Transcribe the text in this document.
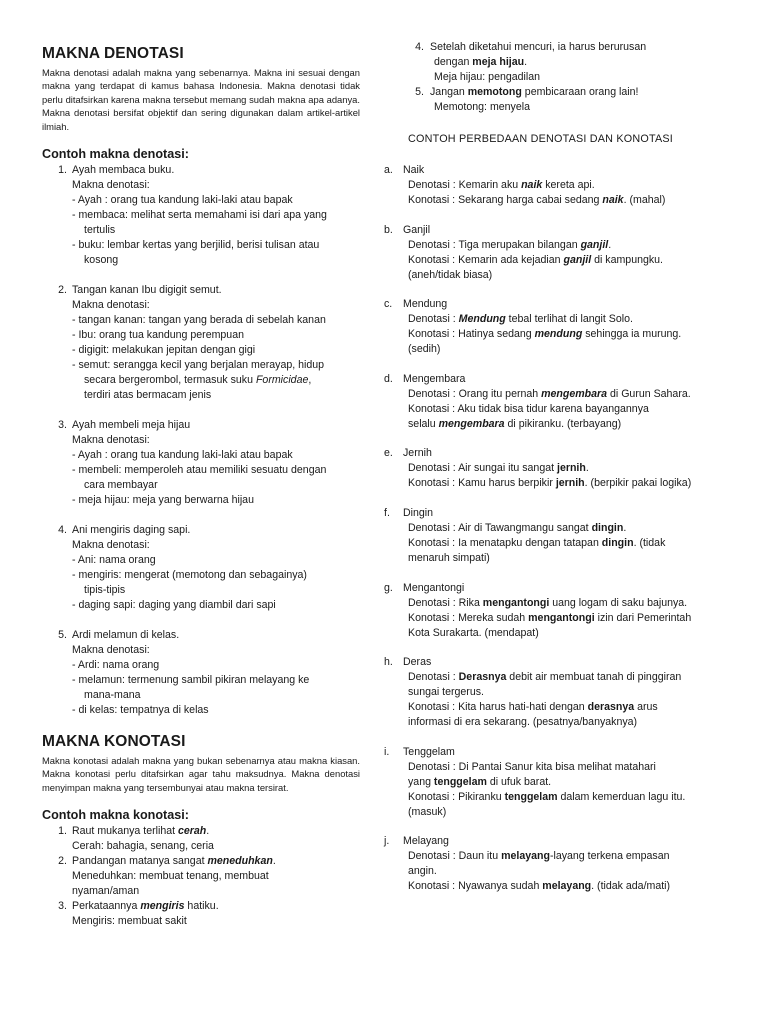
MAKNA DENOTASI

Makna denotasi adalah makna yang sebenarnya. Makna ini sesuai dengan makna yang terdapat di kamus bahasa Indonesia. Makna denotasi tidak perlu ditafsirkan karena makna tersebut memang sudah makna apa adanya. Makna denotasi bersifat objektif dan sering digunakan dalam artikel-artikel ilmiah.

Contoh makna denotasi:
1. Ayah membaca buku.
Makna denotasi:
- Ayah : orang tua kandung laki-laki atau bapak
- membaca: melihat serta memahami isi dari apa yang
tertulis
- buku: lembar kertas yang berjilid, berisi tulisan atau
kosong
2. Tangan kanan Ibu digigit semut.
Makna denotasi:
- tangan kanan: tangan yang berada di sebelah kanan
- Ibu: orang tua kandung perempuan
- digigit: melakukan jepitan dengan gigi
- semut: serangga kecil yang berjalan merayap, hidup
secara bergerombol, termasuk suku Formicidae,
terdiri atas bermacam jenis
3. Ayah membeli meja hijau
Makna denotasi:
- Ayah : orang tua kandung laki-laki atau bapak
- membeli: memperoleh atau memiliki sesuatu dengan
cara membayar
- meja hijau: meja yang berwarna hijau
4. Ani mengiris daging sapi.
Makna denotasi:
- Ani: nama orang
- mengiris: mengerat (memotong dan sebagainya)
tipis-tipis
- daging sapi: daging yang diambil dari sapi
5. Ardi melamun di kelas.
Makna denotasi:
- Ardi: nama orang
- melamun: termenung sambil pikiran melayang ke
mana-mana
- di kelas: tempatnya di kelas
MAKNA KONOTASI

Makna konotasi adalah makna yang bukan sebenarnya atau makna kiasan. Makna konotasi perlu ditafsirkan agar tahu maksudnya. Makna denotasi menyimpan makna yang tersembunyai atau makna tersirat.

Contoh makna konotasi:
1. Raut mukanya terlihat cerah.
Cerah: bahagia, senang, ceria
2. Pandangan matanya sangat meneduhkan.
Meneduhkan: membuat tenang, membuat
nyaman/aman
3. Perkataannya mengiris hatiku.
Mengiris: membuat sakit
4. Setelah diketahui mencuri, ia harus berurusan
dengan meja hijau.
Meja hijau: pengadilan
5. Jangan memotong pembicaraan orang lain!
Memotong: menyela
CONTOH PERBEDAAN DENOTASI DAN KONOTASI
a. Naik
Denotasi : Kemarin aku naik kereta api.
Konotasi : Sekarang harga cabai sedang naik. (mahal)
b. Ganjil
Denotasi : Tiga merupakan bilangan ganjil.
Konotasi : Kemarin ada kejadian ganjil di kampungku.
(aneh/tidak biasa)
c. Mendung
Denotasi : Mendung tebal terlihat di langit Solo.
Konotasi : Hatinya sedang mendung sehingga ia murung.
(sedih)
d. Mengembara
Denotasi : Orang itu pernah mengembara di Gurun Sahara.
Konotasi : Aku tidak bisa tidur karena bayangannya
selalu mengembara di pikiranku. (terbayang)
e. Jernih
Denotasi : Air sungai itu sangat jernih.
Konotasi : Kamu harus berpikir jernih. (berpikir pakai logika)
f. Dingin
Denotasi : Air di Tawangmangu sangat dingin.
Konotasi : Ia menatapku dengan tatapan dingin. (tidak
menaruh simpati)
g. Mengantongi
Denotasi : Rika mengantongi uang logam di saku bajunya.
Konotasi : Mereka sudah mengantongi izin dari Pemerintah
Kota Surakarta. (mendapat)
h. Deras
Denotasi : Derasnya debit air membuat tanah di pinggiran
sungai tergerus.
Konotasi : Kita harus hati-hati dengan derasnya arus
informasi di era sekarang. (pesatnya/banyaknya)
i. Tenggelam
Denotasi : Di Pantai Sanur kita bisa melihat matahari
yang tenggelam di ufuk barat.
Konotasi : Pikiranku tenggelam dalam kemerduan lagu itu.
(masuk)
j. Melayang
Denotasi : Daun itu melayang-layang terkena empasan
angin.
Konotasi : Nyawanya sudah melayang. (tidak ada/mati)
